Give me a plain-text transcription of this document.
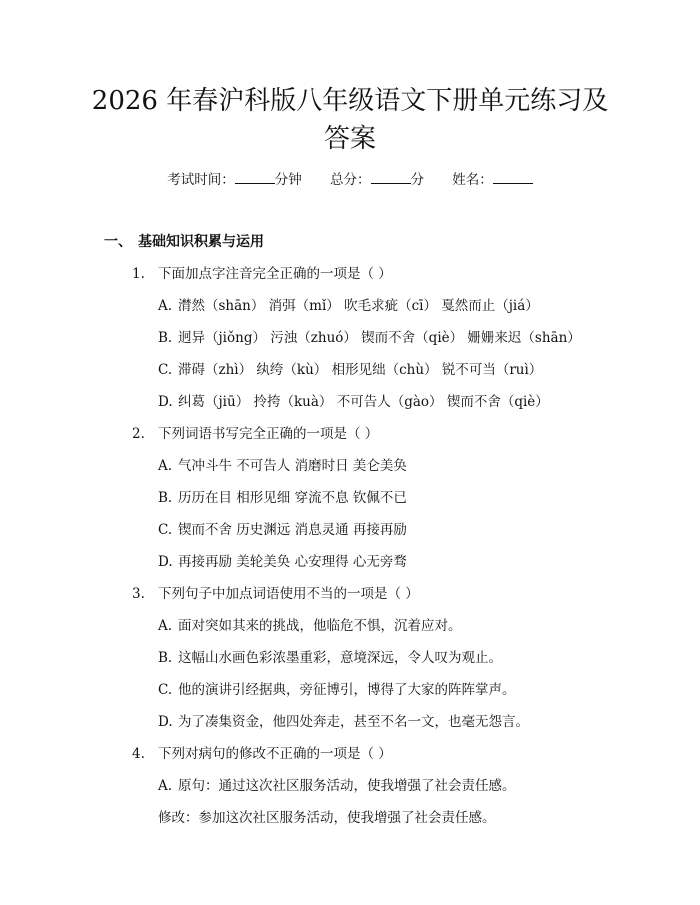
2026 年春沪科版八年级语文下册单元练习及
答案
考试时间：	分钟 总分：	分 姓名：
一、 基础知识积累与运用
1. 下面加点字注音完全正确的一项是（ ）
A. 潸然（shān） 消弭（mǐ） 吹毛求疵（cī） 戛然而止（jiá）
B. 迥异（jiǒng） 污浊（zhuó） 锲而不舍（qiè） 姗姗来迟（shān）
C. 滞碍（zhì） 纨绔（kù） 相形见绌（chù） 锐不可当（ruì）
D. 纠葛（jiū） 拎挎（kuà） 不可告人（gào） 锲而不舍（qiè）
2. 下列词语书写完全正确的一项是（ ）
A. 气冲斗牛 不可告人 消磨时日 美仑美奂
B. 历历在目 相形见细 穿流不息 钦佩不已
C. 锲而不舍 历史渊远 消息灵通 再接再励
D. 再接再励 美轮美奂 心安理得 心无旁骛
3. 下列句子中加点词语使用不当的一项是（ ）
A. 面对突如其来的挑战，他临危不惧，沉着应对。
B. 这幅山水画色彩浓墨重彩，意境深远，令人叹为观止。
C. 他的演讲引经据典，旁征博引，博得了大家的阵阵掌声。
D. 为了凑集资金，他四处奔走，甚至不名一文，也毫无怨言。
4. 下列对病句的修改不正确的一项是（ ）
A. 原句：通过这次社区服务活动，使我增强了社会责任感。
修改：参加这次社区服务活动，使我增强了社会责任感。
